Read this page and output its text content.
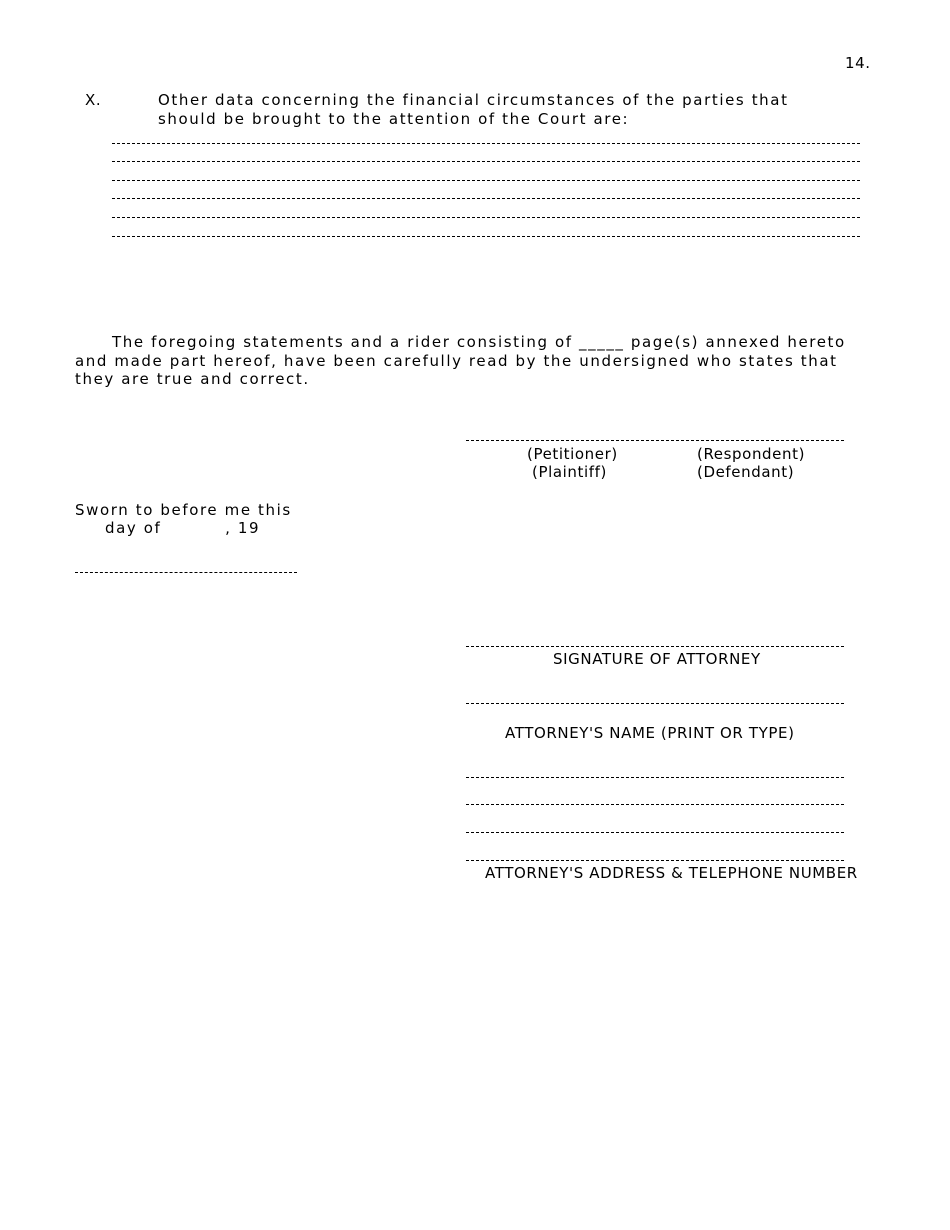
14.
X.	Other data concerning the financial circumstances of the parties that
should be brought to the attention of the Court are:
The foregoing statements and a rider consisting of _____ page(s) annexed hereto
and made part hereof, have been carefully read by the undersigned who states that
they are true and correct.
(Petitioner)	(Respondent)
(Plaintiff)	(Defendant)
Sworn to before me this
day of          , 19
SIGNATURE OF ATTORNEY
ATTORNEY'S NAME (PRINT OR TYPE)
ATTORNEY'S ADDRESS & TELEPHONE NUMBER
